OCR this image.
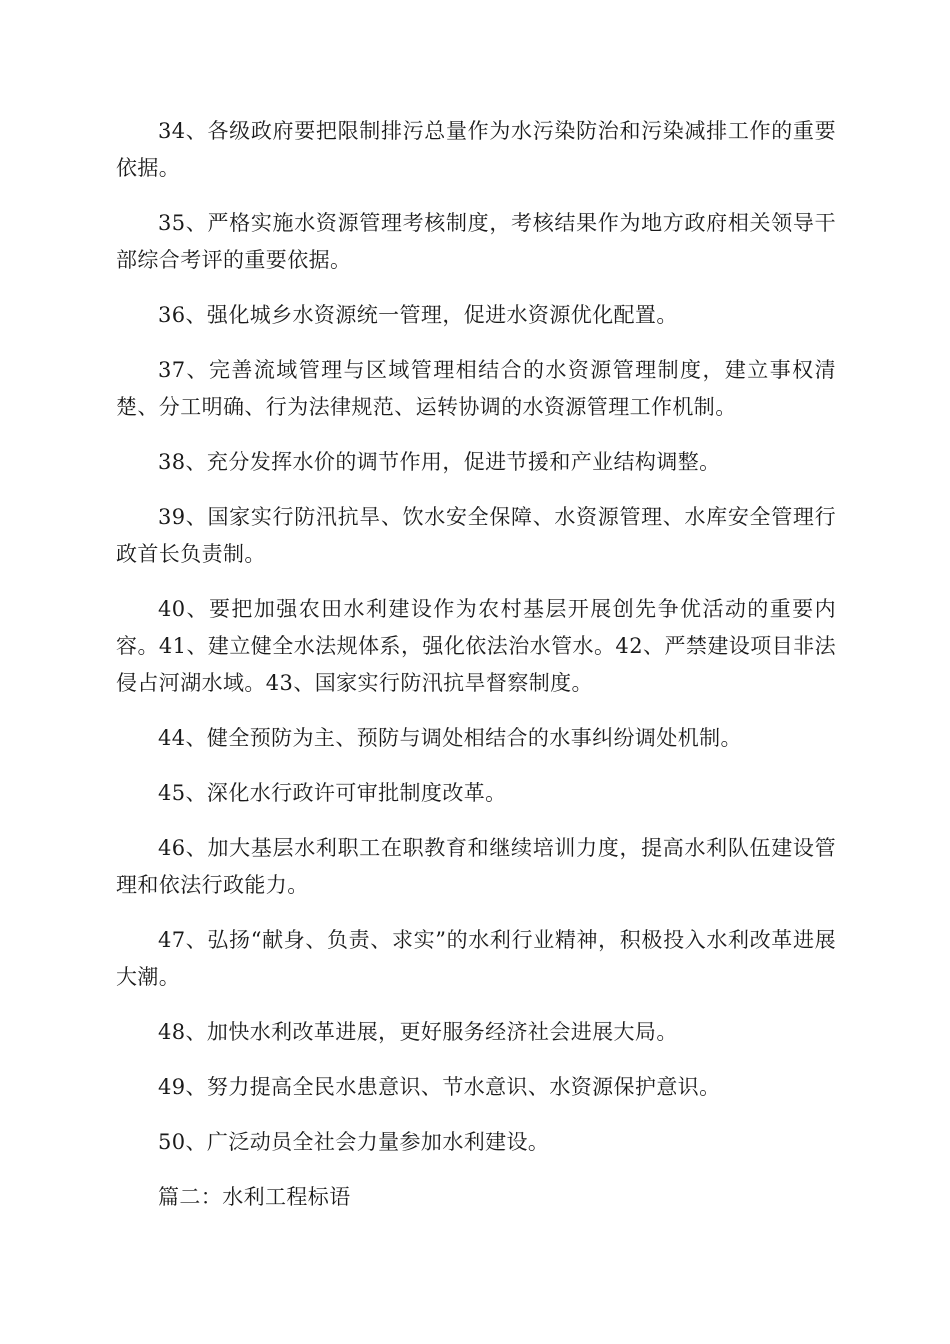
34、各级政府要把限制排污总量作为水污染防治和污染减排工作的重要依据。

35、严格实施水资源管理考核制度，考核结果作为地方政府相关领导干部综合考评的重要依据。

36、强化城乡水资源统一管理，促进水资源优化配置。

37、完善流域管理与区域管理相结合的水资源管理制度，建立事权清楚、分工明确、行为法律规范、运转协调的水资源管理工作机制。

38、充分发挥水价的调节作用，促进节援和产业结构调整。

39、国家实行防汛抗旱、饮水安全保障、水资源管理、水库安全管理行政首长负责制。

40、要把加强农田水利建设作为农村基层开展创先争优活动的重要内容。41、建立健全水法规体系，强化依法治水管水。42、严禁建设项目非法侵占河湖水域。43、国家实行防汛抗旱督察制度。

44、健全预防为主、预防与调处相结合的水事纠纷调处机制。

45、深化水行政许可审批制度改革。

46、加大基层水利职工在职教育和继续培训力度，提高水利队伍建设管理和依法行政能力。

47、弘扬“献身、负责、求实”的水利行业精神，积极投入水利改革进展大潮。

48、加快水利改革进展，更好服务经济社会进展大局。

49、努力提高全民水患意识、节水意识、水资源保护意识。

50、广泛动员全社会力量参加水利建设。

篇二：水利工程标语
